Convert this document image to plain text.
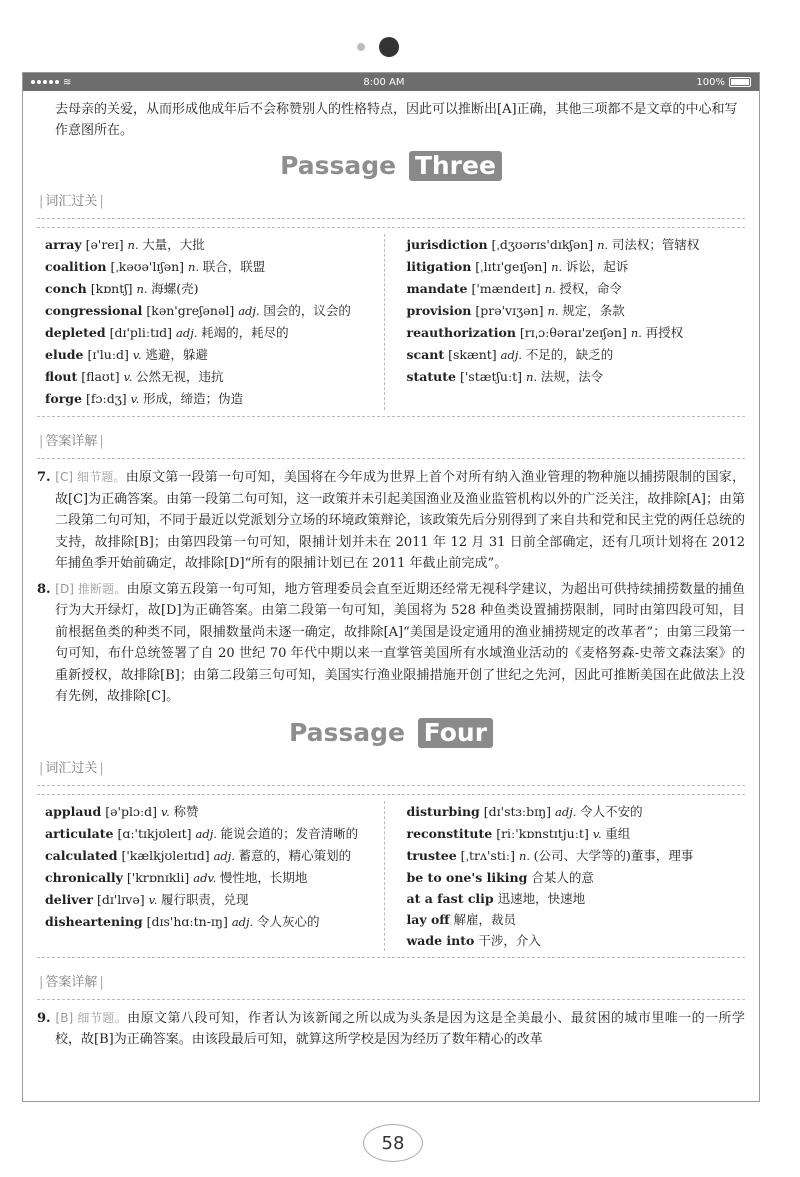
≋	8:00 AM	100%

去母亲的关爱，从而形成他成年后不会称赞别人的性格特点，因此可以推断出[A]正确，其他三项都不是文章的中心和写作意图所在。

Passage Three
| 词汇过关 |
array [ə'reɪ] n. 大量，大批
coalition [ˌkəʊə'lɪʃən] n. 联合，联盟
conch [kɒntʃ] n. 海螺(壳)
congressional [kən'greʃənəl] adj. 国会的，议会的
depleted [dɪ'pliːtɪd] adj. 耗竭的，耗尽的
elude [ɪ'luːd] v. 逃避，躲避
flout [flaʊt] v. 公然无视，违抗
forge [fɔːdʒ] v. 形成，缔造；伪造
jurisdiction [ˌdʒʊərɪs'dɪkʃən] n. 司法权；管辖权
litigation [ˌlɪtɪ'geɪʃən] n. 诉讼，起诉
mandate ['mændeɪt] n. 授权，命令
provision [prə'vɪʒən] n. 规定，条款
reauthorization [rɪˌɔːθəraɪ'zeɪʃən] n. 再授权
scant [skænt] adj. 不足的，缺乏的
statute ['stætʃuːt] n. 法规，法令
| 答案详解 |

7. [C] 细节题。由原文第一段第一句可知，美国将在今年成为世界上首个对所有纳入渔业管理的物种施以捕捞限制的国家，故[C]为正确答案。由第一段第二句可知，这一政策并未引起美国渔业及渔业监管机构以外的广泛关注，故排除[A]；由第二段第二句可知，不同于最近以党派划分立场的环境政策辩论，该政策先后分别得到了来自共和党和民主党的两任总统的支持，故排除[B]；由第四段第一句可知，限捕计划并未在 2011 年 12 月 31 日前全部确定，还有几项计划将在 2012 年捕鱼季开始前确定，故排除[D]“所有的限捕计划已在 2011 年截止前完成”。

8. [D] 推断题。由原文第五段第一句可知，地方管理委员会直至近期还经常无视科学建议，为超出可供持续捕捞数量的捕鱼行为大开绿灯，故[D]为正确答案。由第二段第一句可知，美国将为 528 种鱼类设置捕捞限制，同时由第四段可知，目前根据鱼类的种类不同，限捕数量尚未逐一确定，故排除[A]“美国是设定通用的渔业捕捞规定的改革者”；由第三段第一句可知，布什总统签署了自 20 世纪 70 年代中期以来一直掌管美国所有水域渔业活动的《麦格努森-史蒂文森法案》的重新授权，故排除[B]；由第二段第三句可知，美国实行渔业限捕措施开创了世纪之先河，因此可推断美国在此做法上没有先例，故排除[C]。

Passage Four
| 词汇过关 |
applaud [ə'plɔːd] v. 称赞
articulate [ɑː'tɪkjʊleɪt] adj. 能说会道的；发音清晰的
calculated ['kælkjʊleɪtɪd] adj. 蓄意的，精心策划的
chronically ['krɒnɪkli] adv. 慢性地，长期地
deliver [dɪ'lɪvə] v. 履行职责，兑现
disheartening [dɪs'hɑːtn-ɪŋ] adj. 令人灰心的
disturbing [dɪ'stɜːbɪŋ] adj. 令人不安的
reconstitute [riː'kɒnstɪtjuːt] v. 重组
trustee [ˌtrʌ'stiː] n. (公司、大学等的)董事，理事
be to one's liking 合某人的意
at a fast clip 迅速地，快速地
lay off 解雇，裁员
wade into 干涉，介入
| 答案详解 |

9. [B] 细节题。由原文第八段可知，作者认为该新闻之所以成为头条是因为这是全美最小、最贫困的城市里唯一的一所学校，故[B]为正确答案。由该段最后可知，就算这所学校是因为经历了数年精心的改革

58
